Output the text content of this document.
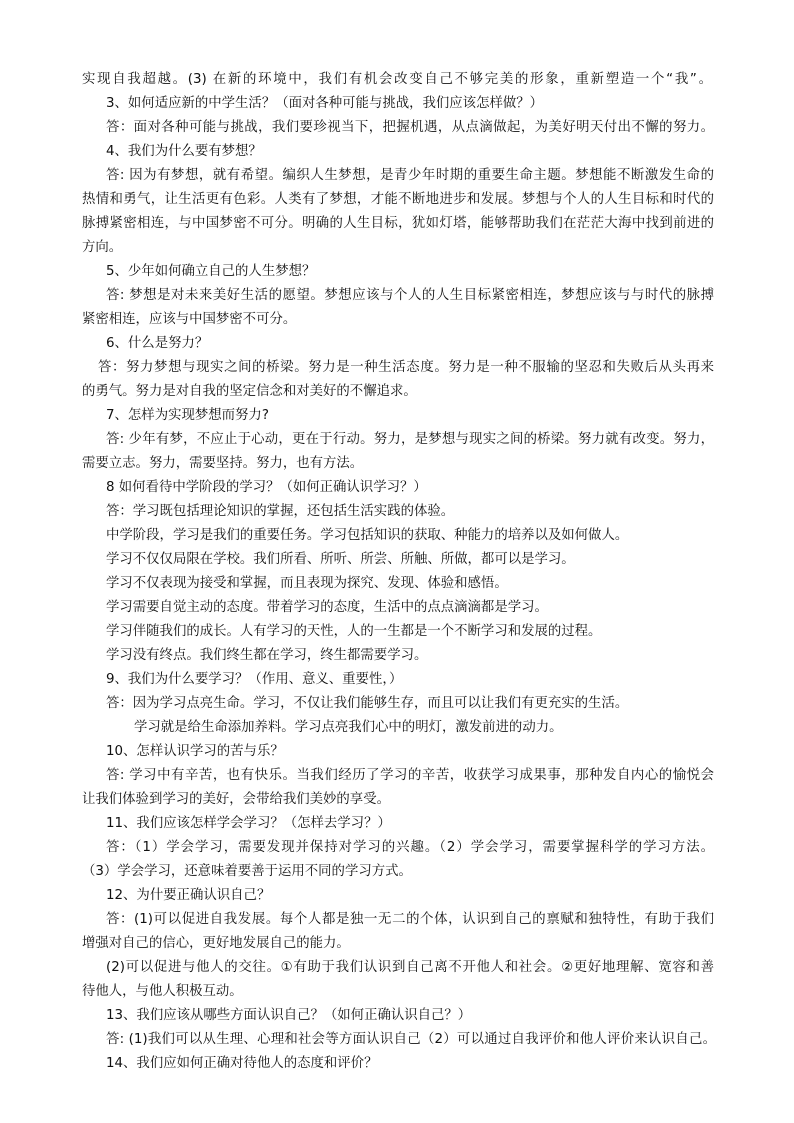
实现自我超越。(3) 在新的环境中，我们有机会改变自己不够完美的形象，重新塑造一个“我”。
3、如何适应新的中学生活？（面对各种可能与挑战，我们应该怎样做？）
答：面对各种可能与挑战，我们要珍视当下，把握机遇，从点滴做起，为美好明天付出不懈的努力。
4、我们为什么要有梦想？
答: 因为有梦想，就有希望。编织人生梦想，是青少年时期的重要生命主题。梦想能不断激发生命的
热情和勇气，让生活更有色彩。人类有了梦想，才能不断地进步和发展。梦想与个人的人生目标和时代的
脉搏紧密相连，与中国梦密不可分。明确的人生目标，犹如灯塔，能够帮助我们在茫茫大海中找到前进的
方向。
5、少年如何确立自己的人生梦想？
答: 梦想是对未来美好生活的愿望。梦想应该与个人的人生目标紧密相连，梦想应该与与时代的脉搏
紧密相连，应该与中国梦密不可分。
6、什么是努力？
答：努力梦想与现实之间的桥梁。努力是一种生活态度。努力是一种不服输的坚忍和失败后从头再来
的勇气。努力是对自我的坚定信念和对美好的不懈追求。
7、怎样为实现梦想而努力?
答: 少年有梦，不应止于心动，更在于行动。努力，是梦想与现实之间的桥梁。努力就有改变。努力，
需要立志。努力，需要坚持。努力，也有方法。
8 如何看待中学阶段的学习？（如何正确认识学习？）
答：学习既包括理论知识的掌握，还包括生活实践的体验。
中学阶段，学习是我们的重要任务。学习包括知识的获取、种能力的培养以及如何做人。
学习不仅仅局限在学校。我们所看、所听、所尝、所触、所做，都可以是学习。
学习不仅表现为接受和掌握，而且表现为探究、发现、体验和感悟。
学习需要自觉主动的态度。带着学习的态度，生活中的点点滴滴都是学习。
学习伴随我们的成长。人有学习的天性，人的一生都是一个不断学习和发展的过程。
学习没有终点。我们终生都在学习，终生都需要学习。
9、我们为什么要学习？（作用、意义、重要性，）
答：因为学习点亮生命。学习，不仅让我们能够生存，而且可以让我们有更充实的生活。
学习就是给生命添加养料。学习点亮我们心中的明灯，激发前进的动力。
10、怎样认识学习的苦与乐？
答: 学习中有辛苦，也有快乐。当我们经历了学习的辛苦，收获学习成果事，那种发自内心的愉悦会
让我们体验到学习的美好，会带给我们美妙的享受。
11、我们应该怎样学会学习？（怎样去学习？）
答：（1）学会学习，需要发现并保持对学习的兴趣。（2）学会学习，需要掌握科学的学习方法。
（3）学会学习，还意味着要善于运用不同的学习方式。
12、为什要正确认识自己？
答：(1)可以促进自我发展。每个人都是独一无二的个体，认识到自己的禀赋和独特性，有助于我们
增强对自己的信心，更好地发展自己的能力。
(2)可以促进与他人的交往。①有助于我们认识到自己离不开他人和社会。②更好地理解、宽容和善
待他人，与他人积极互动。
13、我们应该从哪些方面认识自己？（如何正确认识自己？）
答: (1)我们可以从生理、心理和社会等方面认识自己（2）可以通过自我评价和他人评价来认识自己。
14、我们应如何正确对待他人的态度和评价？
